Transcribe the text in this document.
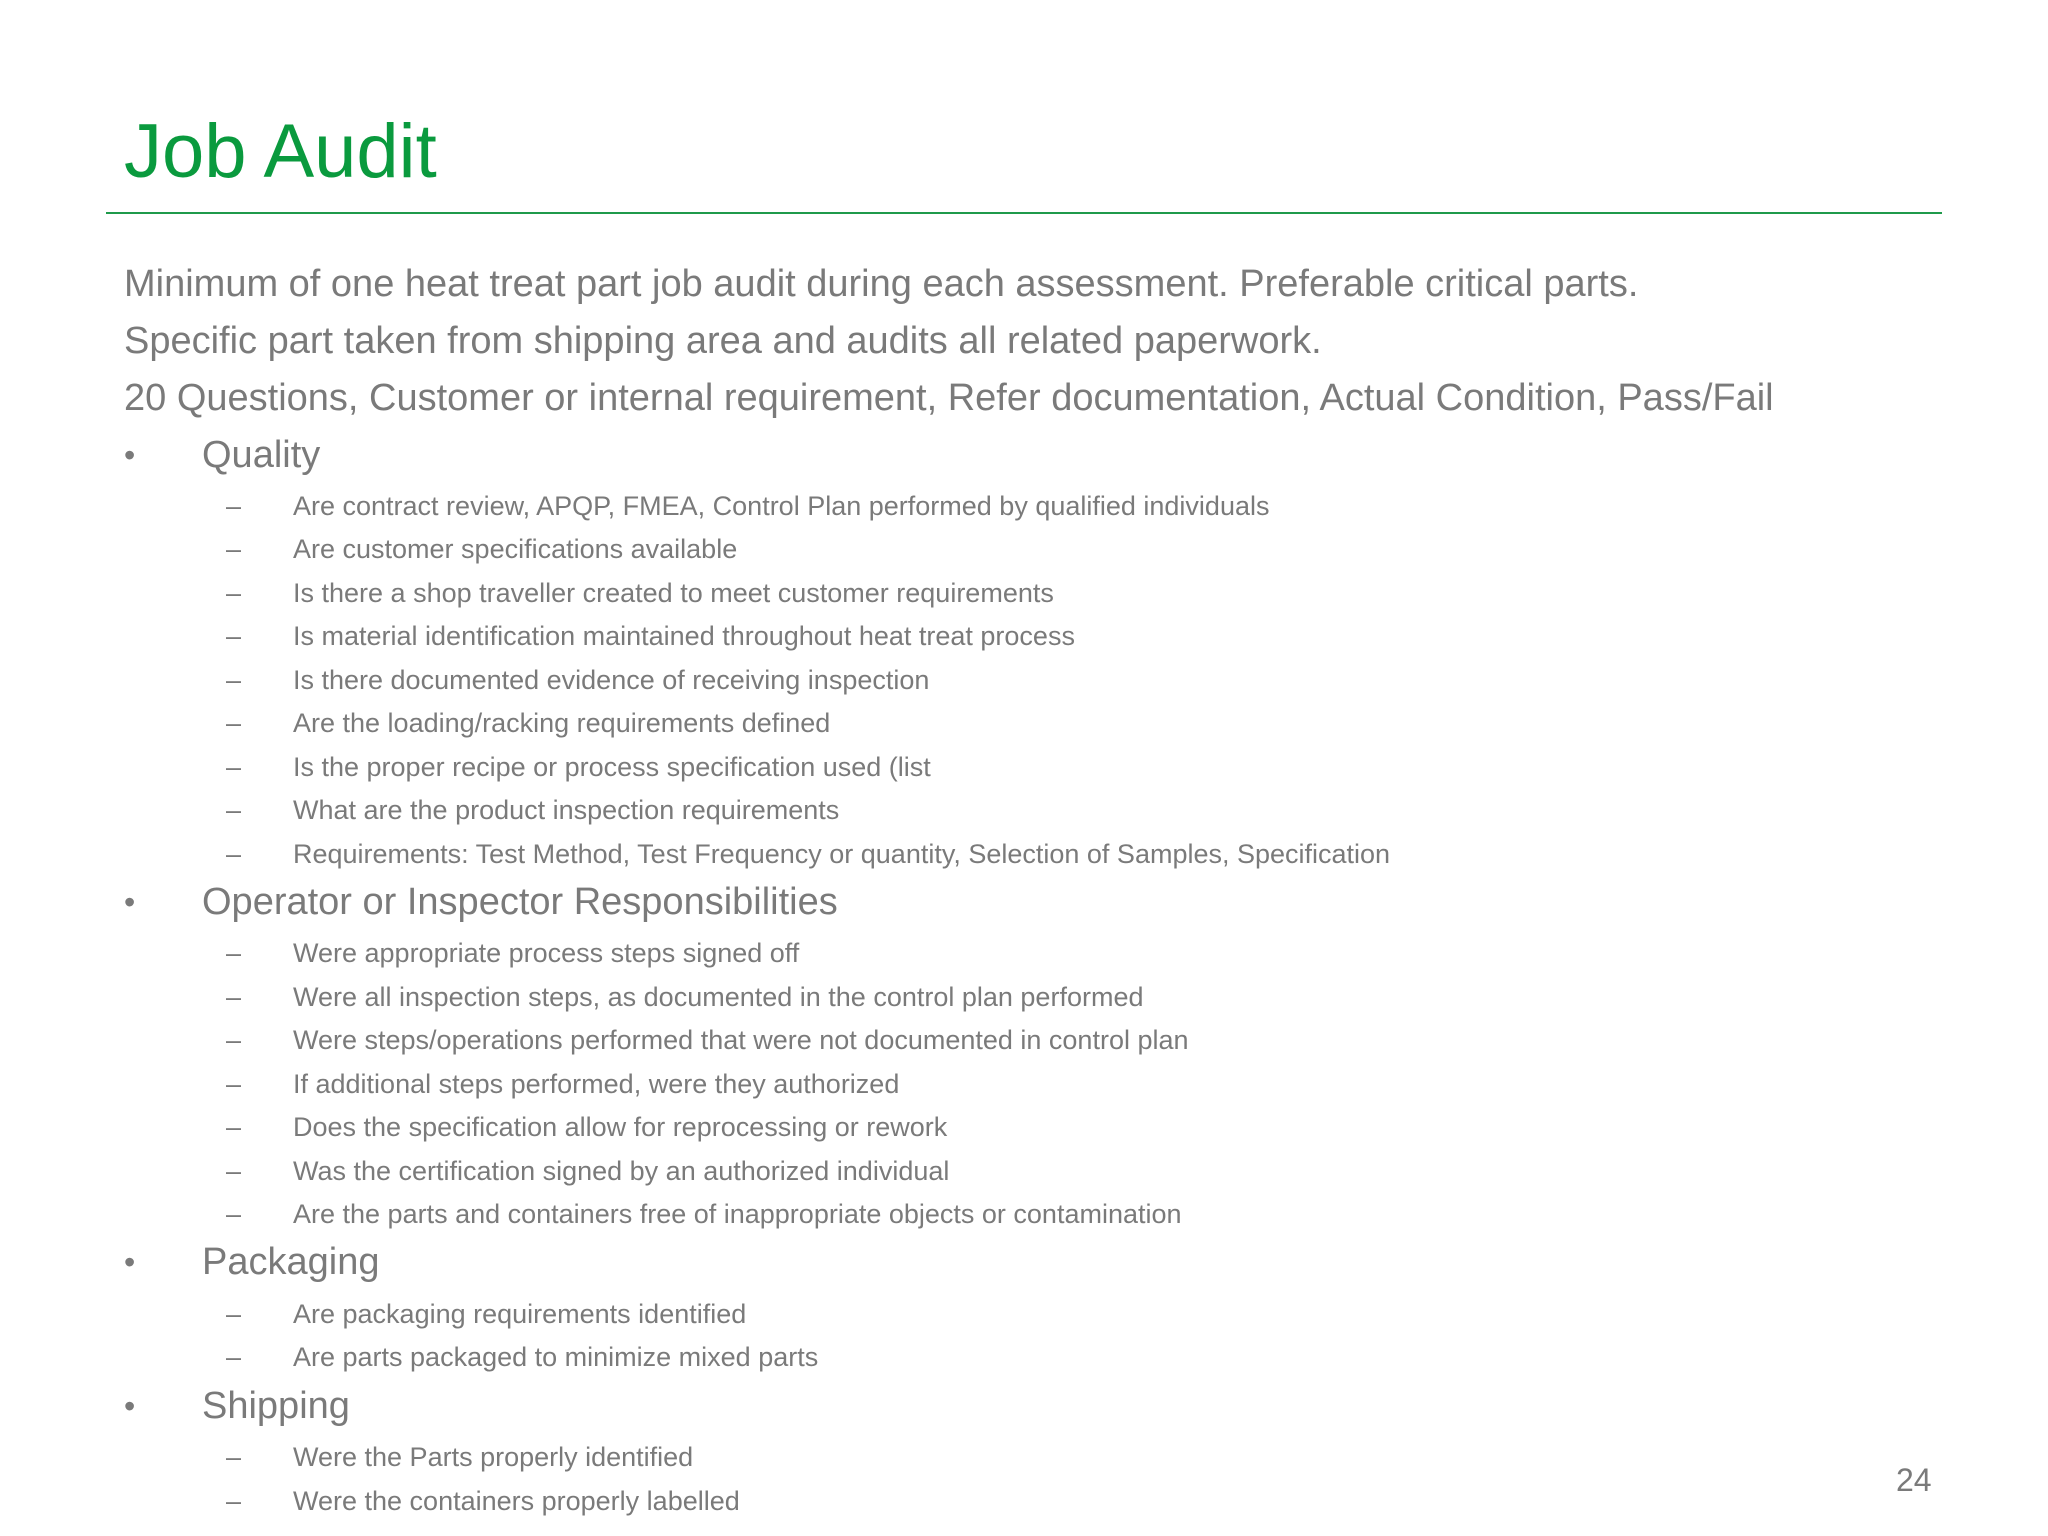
Job Audit
Minimum of one heat treat part job audit during each assessment. Preferable critical parts.
Specific part taken from shipping area and audits all related paperwork.
20 Questions, Customer or internal requirement, Refer documentation, Actual Condition, Pass/Fail
•	Quality
– Are contract review, APQP, FMEA, Control Plan performed by qualified individuals
– Are customer specifications available
– Is there a shop traveller created to meet customer requirements
– Is material identification maintained throughout heat treat process
– Is there documented evidence of receiving inspection
– Are the loading/racking requirements defined
– Is the proper recipe or process specification used (list
– What are the product inspection requirements
– Requirements: Test Method, Test Frequency or quantity, Selection of Samples, Specification
•	Operator or Inspector Responsibilities
– Were appropriate process steps signed off
– Were all inspection steps, as documented in the control plan performed
– Were steps/operations performed that were not documented in control plan
– If additional steps performed, were they authorized
– Does the specification allow for reprocessing or rework
– Was the certification signed by an authorized individual
– Are the parts and containers free of inappropriate objects or contamination
•	Packaging
– Are packaging requirements identified
– Are parts packaged to minimize mixed parts
•	Shipping
– Were the Parts properly identified
– Were the containers properly labelled
24
